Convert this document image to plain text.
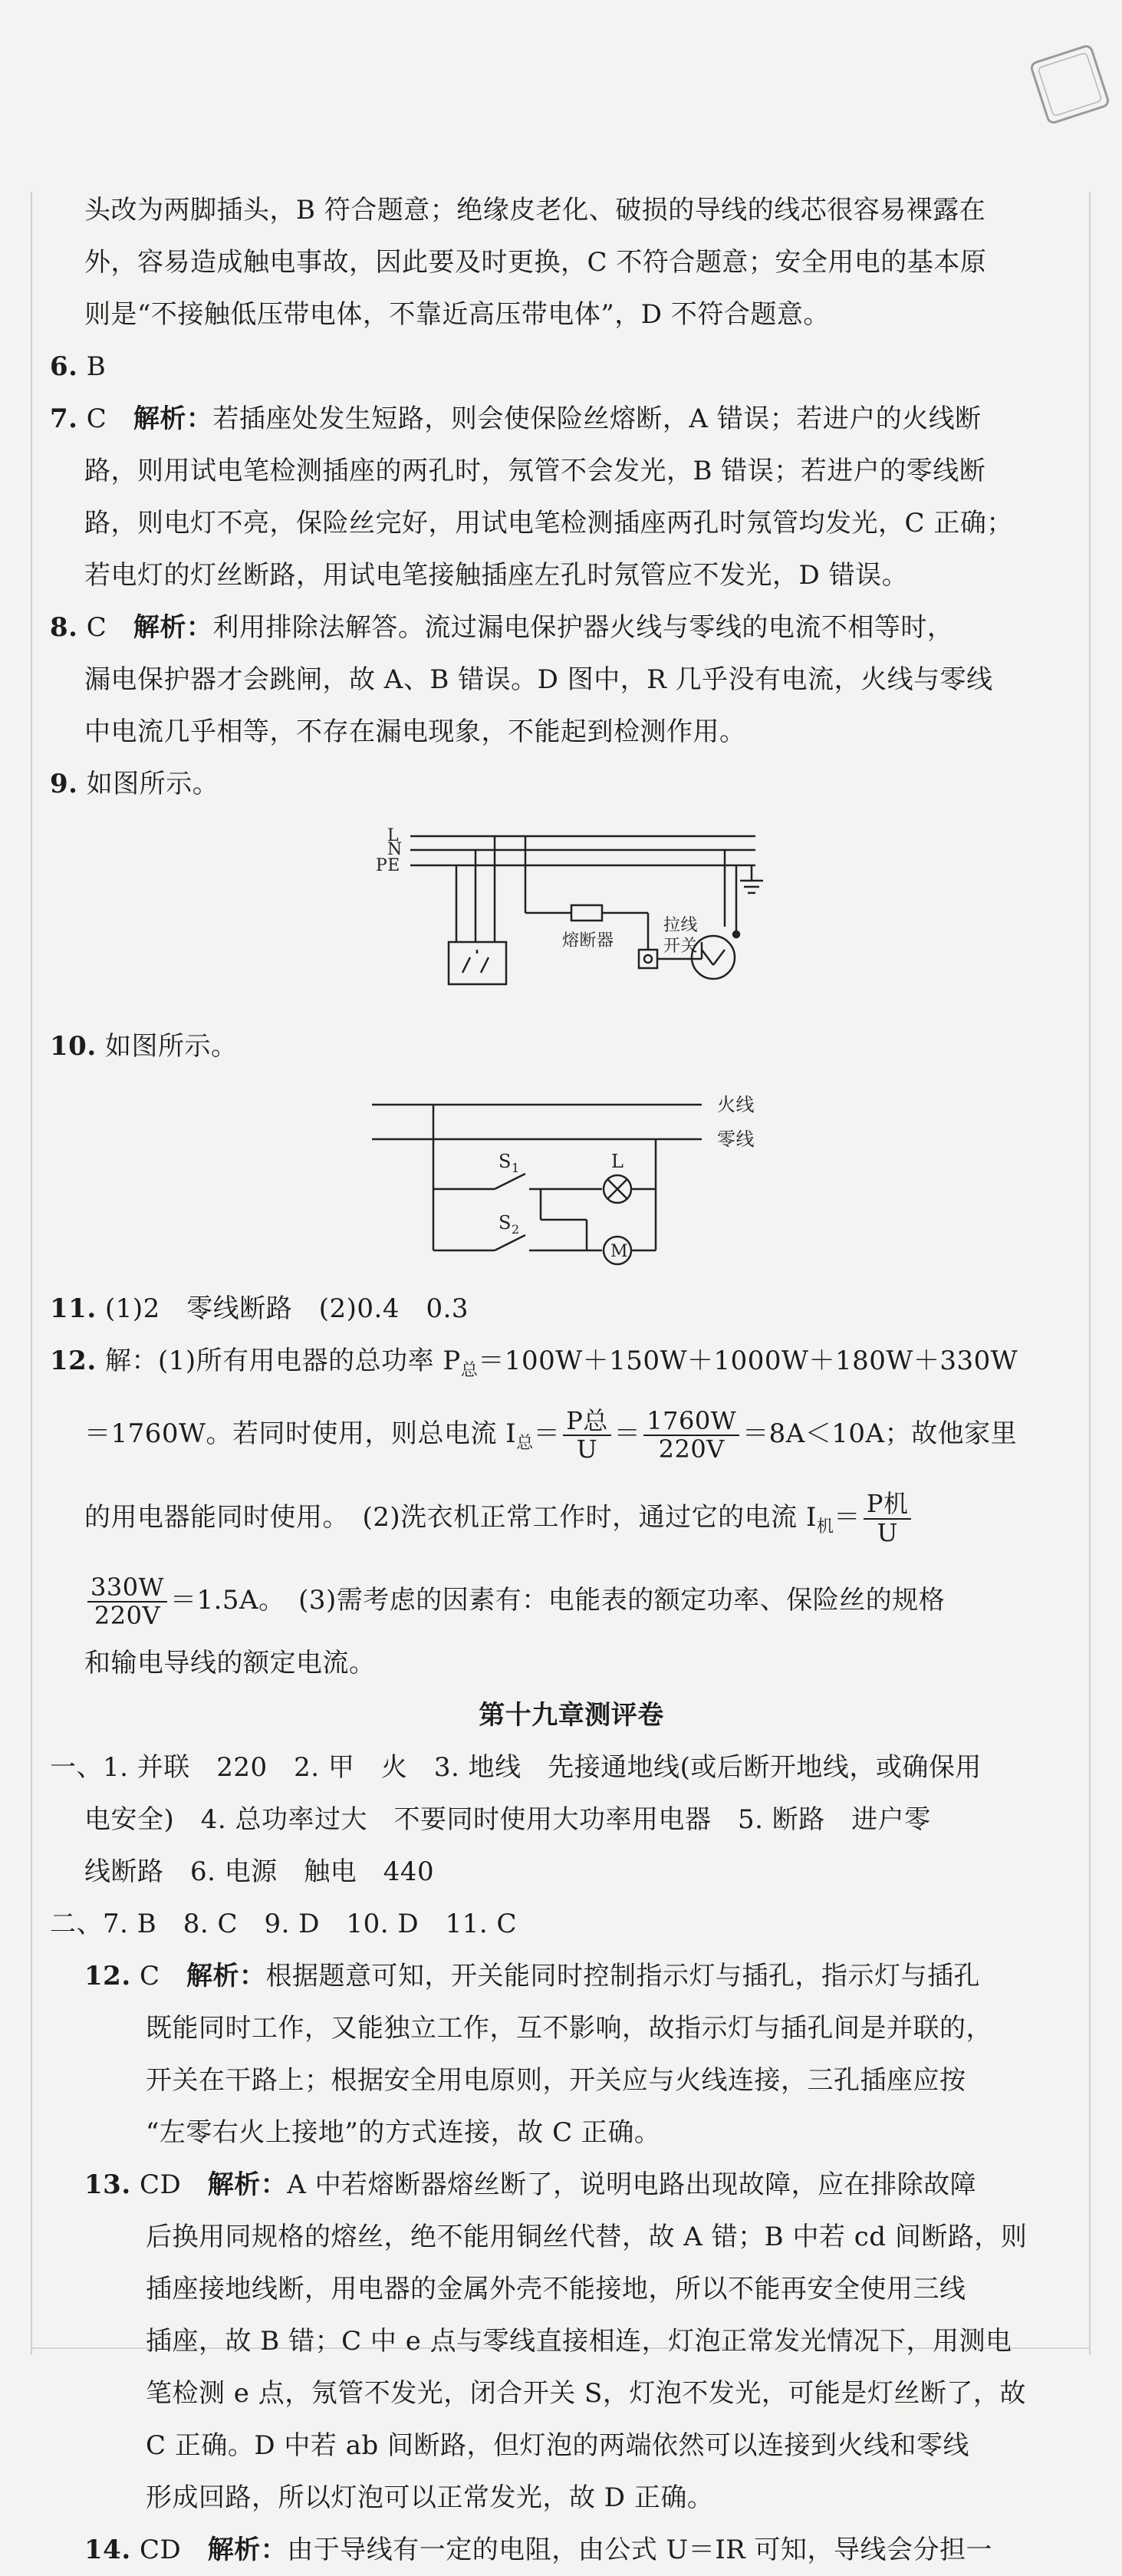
头改为两脚插头，B 符合题意；绝缘皮老化、破损的导线的线芯很容易裸露在

外，容易造成触电事故，因此要及时更换，C 不符合题意；安全用电的基本原

则是“不接触低压带电体，不靠近高压带电体”，D 不符合题意。

6. B

7. C　 解析：若插座处发生短路，则会使保险丝熔断，A 错误；若进户的火线断

路，则用试电笔检测插座的两孔时，氖管不会发光，B 错误；若进户的零线断

路，则电灯不亮，保险丝完好，用试电笔检测插座两孔时氖管均发光，C 正确；

若电灯的灯丝断路，用试电笔接触插座左孔时氖管应不发光，D 错误。

8. C　 解析：利用排除法解答。流过漏电保护器火线与零线的电流不相等时，

漏电保护器才会跳闸，故 A、B 错误。D 图中，R 几乎没有电流，火线与零线

中电流几乎相等，不存在漏电现象，不能起到检测作用。

9. 如图所示。

L
N
PE
熔断器
拉线
开关

10. 如图所示。

火线
零线
$S_1$
$S_2$
L
M

11. (1)2　零线断路　(2)0.4　0.3

12. 解：(1)所有用电器的总功率 $P_总=100W+150W+1000W+180W+330W$

＝1760W。若同时使用，则总电流 $I_总= \frac{\text{P总}}{U} = \frac{1760W}{220V} =8A<10A$；故他家里

的用电器能同时使用。　(2)洗衣机正常工作时，通过它的电流 $I_机= \frac{\text{P机}}{U}$

$\frac{330W}{220V} =1.5A$。　(3)需考虑的因素有：电能表的额定功率、保险丝的规格

和输电导线的额定电流。

第十九章测评卷

一、1. 并联　220　2. 甲　火　3. 地线　先接通地线(或后断开地线，或确保用

电安全)　4. 总功率过大　不要同时使用大功率用电器　5. 断路　进户零

线断路　6. 电源　触电　440

二、7. B　8. C　9. D　10. D　11. C

12. C　 解析：根据题意可知，开关能同时控制指示灯与插孔，指示灯与插孔

既能同时工作，又能独立工作，互不影响，故指示灯与插孔间是并联的，

开关在干路上；根据安全用电原则，开关应与火线连接，三孔插座应按

“左零右火上接地”的方式连接，故 C 正确。

13. CD　 解析：A 中若熔断器熔丝断了，说明电路出现故障，应在排除故障

后换用同规格的熔丝，绝不能用铜丝代替，故 A 错；B 中若 cd 间断路，则

插座接地线断，用电器的金属外壳不能接地，所以不能再安全使用三线

插座，故 B 错；C 中 e 点与零线直接相连，灯泡正常发光情况下，用测电

笔检测 e 点，氖管不发光，闭合开关 S，灯泡不发光，可能是灯丝断了，故

C 正确。D 中若 ab 间断路，但灯泡的两端依然可以连接到火线和零线

形成回路，所以灯泡可以正常发光，故 D 正确。

14. CD　 解析：由于导线有一定的电阻，由公式 U＝IR 可知，导线会分担一
